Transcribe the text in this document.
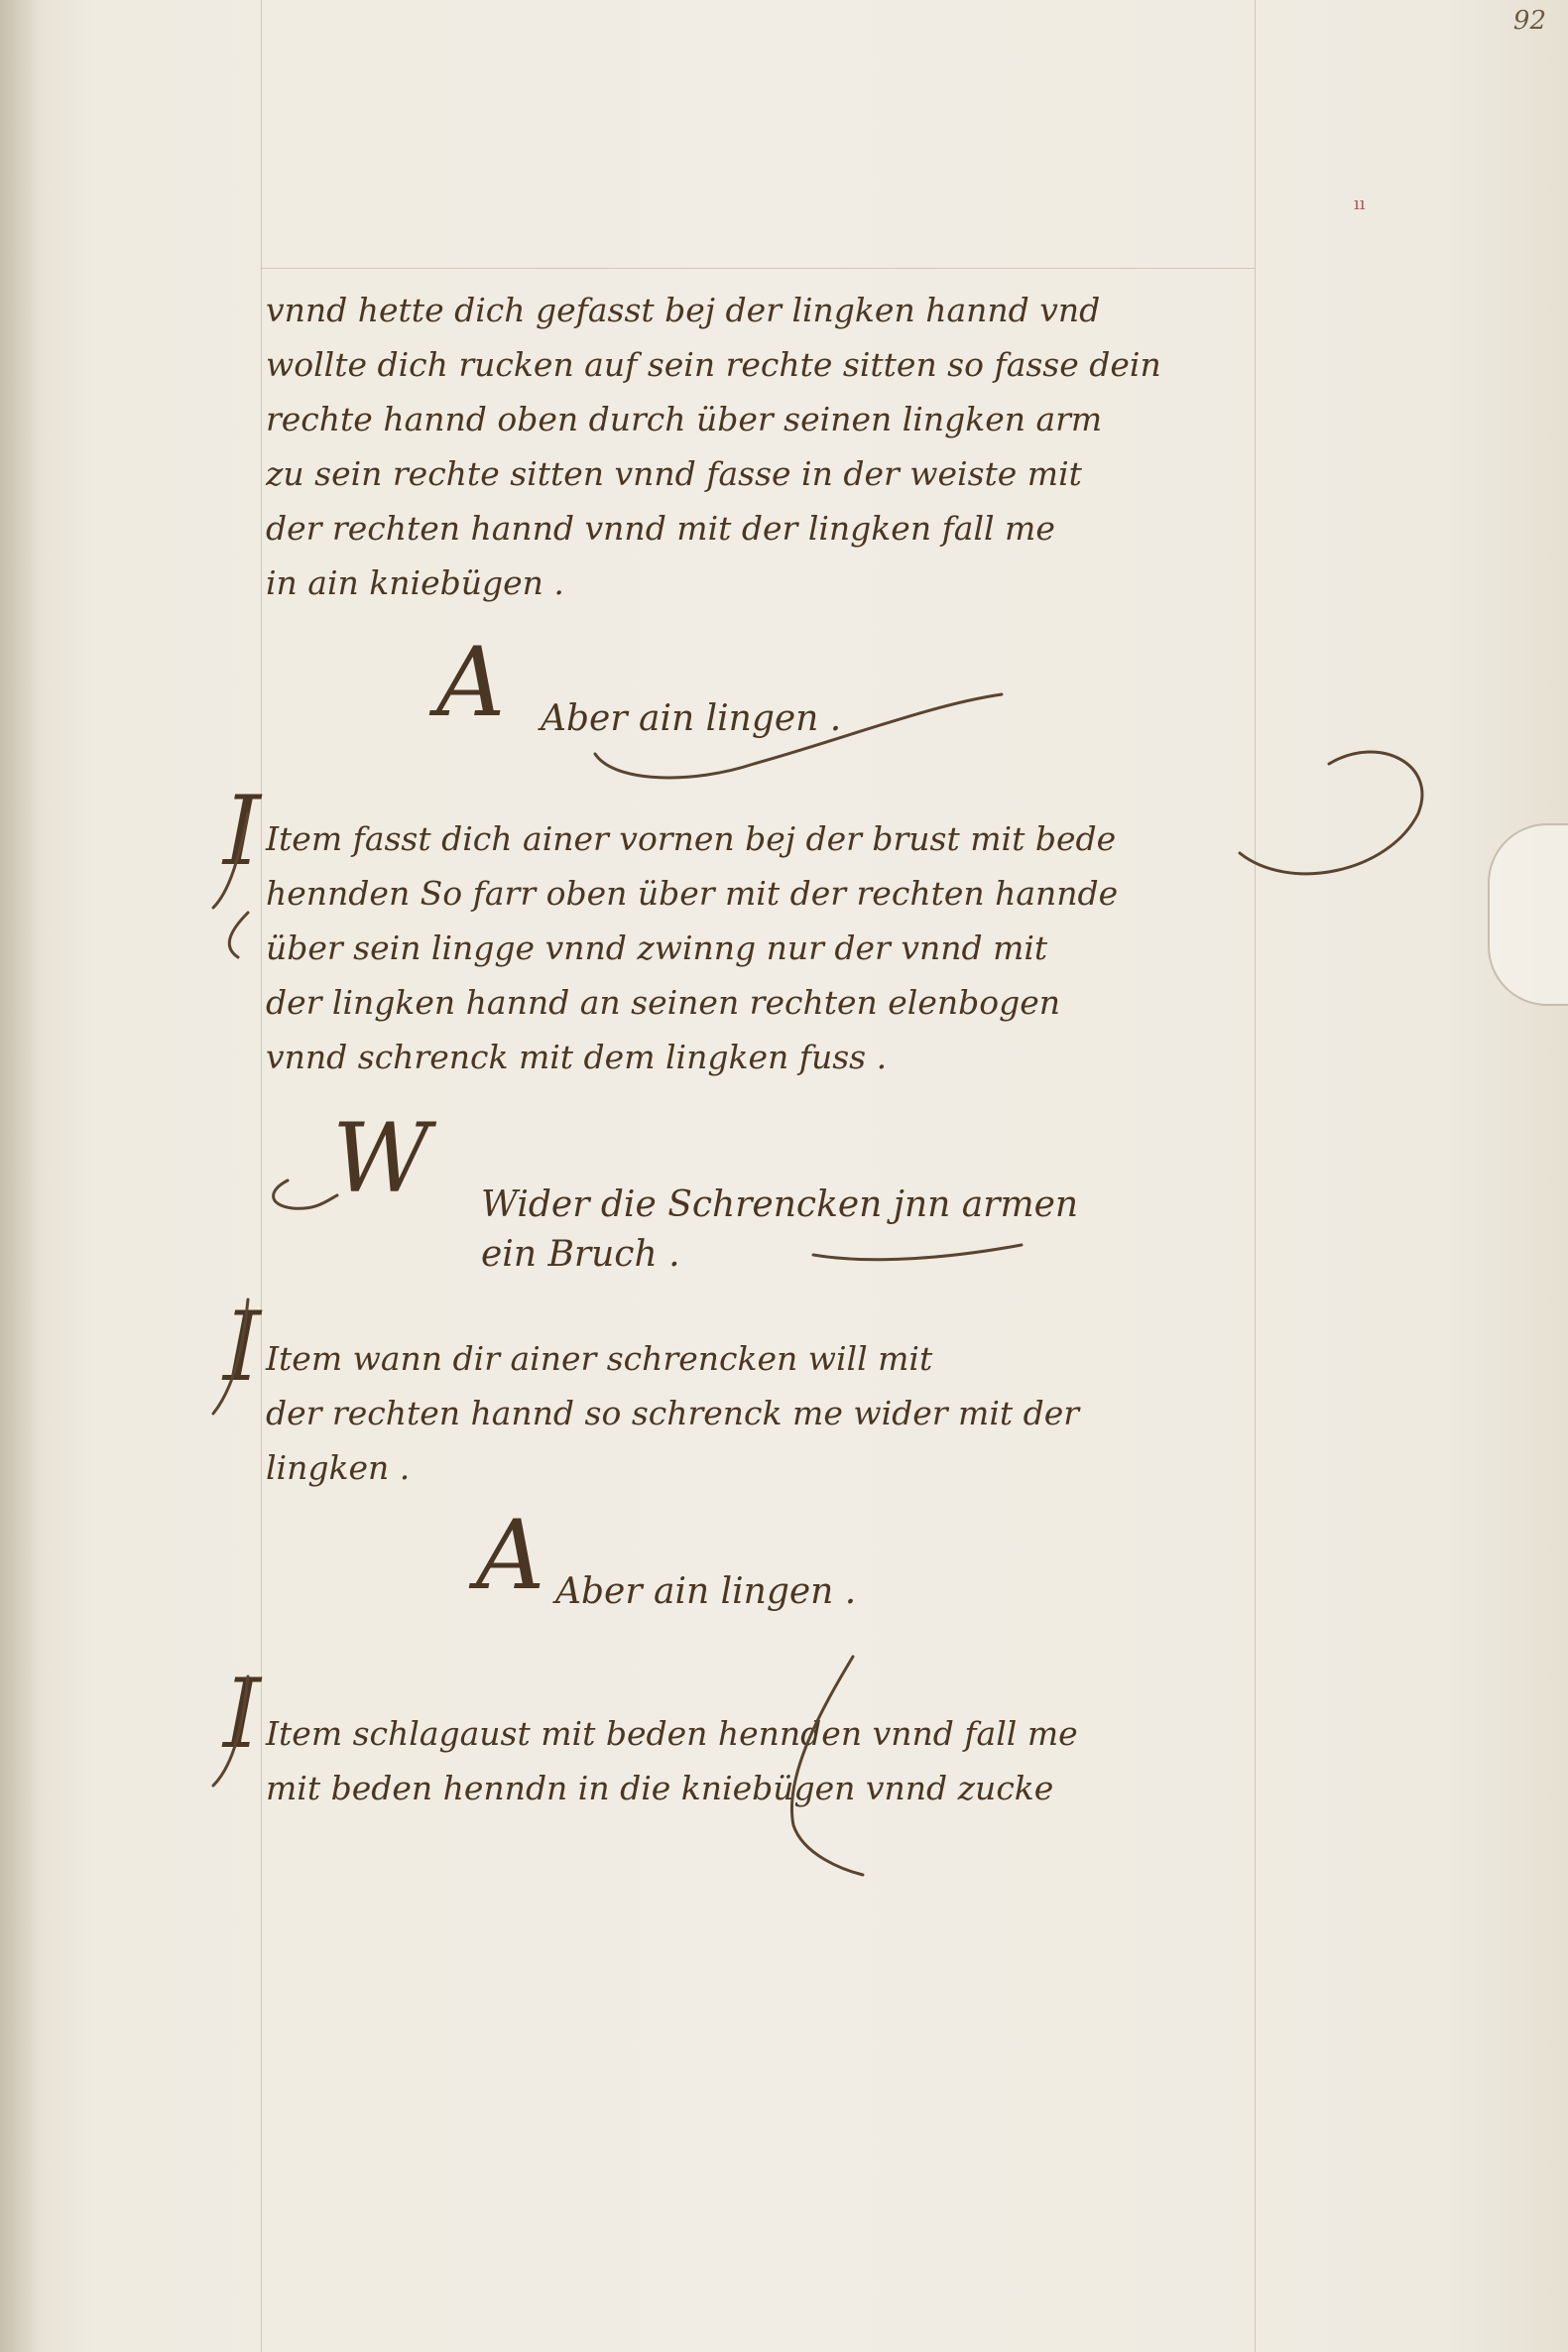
92
ıı
vnnd hette dich gefasst bej der lingken hannd vnd
wollte dich rucken auf sein rechte sitten so fasse dein
rechte hannd oben durch über seinen lingken arm
zu sein rechte sitten vnnd fasse in der weiste mit
der rechten hannd vnnd mit der lingken fall me
in ain kniebügen .
A Aber ain lingen .
I Item fasst dich ainer vornen bej der brust mit bede
hennden So farr oben über mit der rechten hannde
über sein lingge vnnd zwinng nur der vnnd mit
der lingken hannd an seinen rechten elenbogen
vnnd schrenck mit dem lingken fuss .
W Wider die Schrencken jnn armen
ein Bruch .
I Item wann dir ainer schrencken will mit
der rechten hannd so schrenck me wider mit der
lingken .
A Aber ain lingen .
I Item schlagaust mit beden hennden vnnd fall me
mit beden henndn in die kniebügen vnnd zucke
